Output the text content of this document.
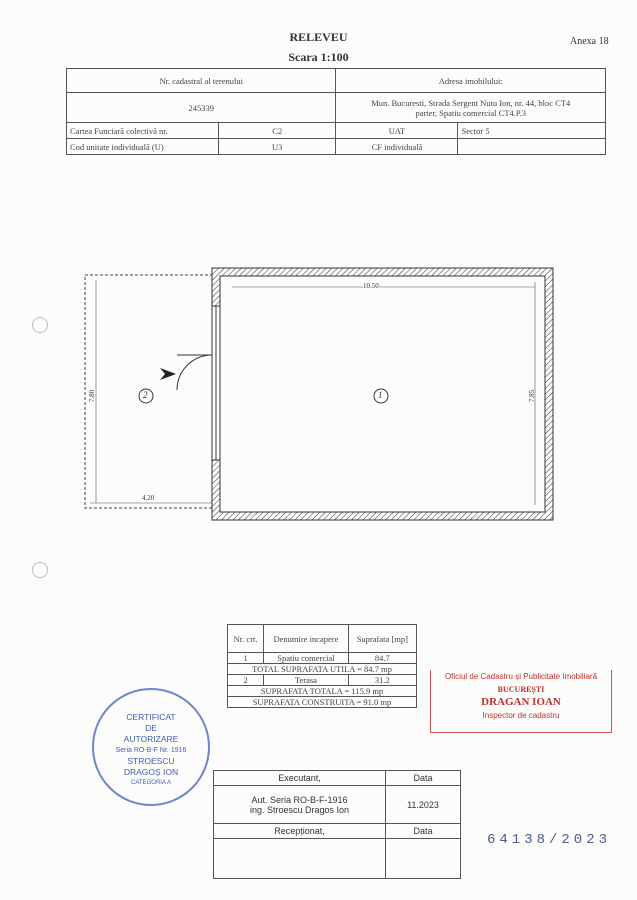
RELEVEU
Scara 1:100
Anexa 18
Nr. cadastral al terenului		Adresa imobilului:	
245339		Mun. Bucuresti, Strada Sergent Nutu Ion, nr. 44, bloc CT4
parter, Spatiu comercial CT4.P.3	

Cartea Funciară colectivă nr.	C2	UAT	Sector 5
Cod unitate individuală (U)	U3	CF individuală	
10.50
7.85
7.80
4.20
2	1
Nr. crt.	Denumire incapere	Suprafata [mp]
1	Spatiu comercial	84.7
TOTAL SUPRAFATA UTILA = 84.7 mp		
2	Terasa	31.2
SUPRAFATA TOTALA = 115.9 mp		
SUPRAFATA CONSTRUITA = 91.0 mp		
Oficiul de Cadastru și Publicitate Imobiliară
BUCUREȘTI
DRAGAN IOAN
Inspector de cadastru
CERTIFICAT
DE
AUTORIZARE
Seria RO-B-F Nr. 1916
STROESCU
DRAGOȘ ION
CATEGORIA A	Executant,	Data

Aut. Seria RO-B-F-1916
ing. Stroescu Dragos Ion	11.2023
Recepționat,	Data

64138/2023
